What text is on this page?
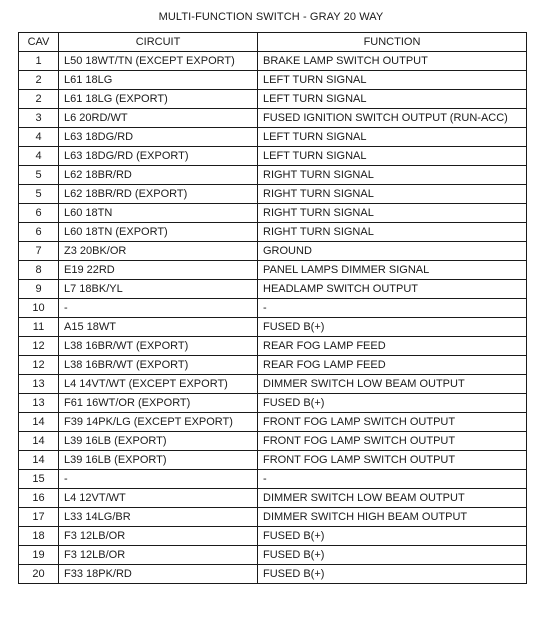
MULTI-FUNCTION SWITCH - GRAY 20 WAY
CAV	CIRCUIT	FUNCTION
1	L50 18WT/TN (EXCEPT EXPORT)	BRAKE LAMP SWITCH OUTPUT
2	L61 18LG	LEFT TURN SIGNAL
2	L61 18LG (EXPORT)	LEFT TURN SIGNAL
3	L6 20RD/WT	FUSED IGNITION SWITCH OUTPUT (RUN-ACC)
4	L63 18DG/RD	LEFT TURN SIGNAL
4	L63 18DG/RD (EXPORT)	LEFT TURN SIGNAL
5	L62 18BR/RD	RIGHT TURN SIGNAL
5	L62 18BR/RD (EXPORT)	RIGHT TURN SIGNAL
6	L60 18TN	RIGHT TURN SIGNAL
6	L60 18TN (EXPORT)	RIGHT TURN SIGNAL
7	Z3 20BK/OR	GROUND
8	E19 22RD	PANEL LAMPS DIMMER SIGNAL
9	L7 18BK/YL	HEADLAMP SWITCH OUTPUT
10	-	-
11	A15 18WT	FUSED B(+)
12	L38 16BR/WT (EXPORT)	REAR FOG LAMP FEED
12	L38 16BR/WT (EXPORT)	REAR FOG LAMP FEED
13	L4 14VT/WT (EXCEPT EXPORT)	DIMMER SWITCH LOW BEAM OUTPUT
13	F61 16WT/OR (EXPORT)	FUSED B(+)
14	F39 14PK/LG (EXCEPT EXPORT)	FRONT FOG LAMP SWITCH OUTPUT
14	L39 16LB (EXPORT)	FRONT FOG LAMP SWITCH OUTPUT
14	L39 16LB (EXPORT)	FRONT FOG LAMP SWITCH OUTPUT
15	-	-
16	L4 12VT/WT	DIMMER SWITCH LOW BEAM OUTPUT
17	L33 14LG/BR	DIMMER SWITCH HIGH BEAM OUTPUT
18	F3 12LB/OR	FUSED B(+)
19	F3 12LB/OR	FUSED B(+)
20	F33 18PK/RD	FUSED B(+)
